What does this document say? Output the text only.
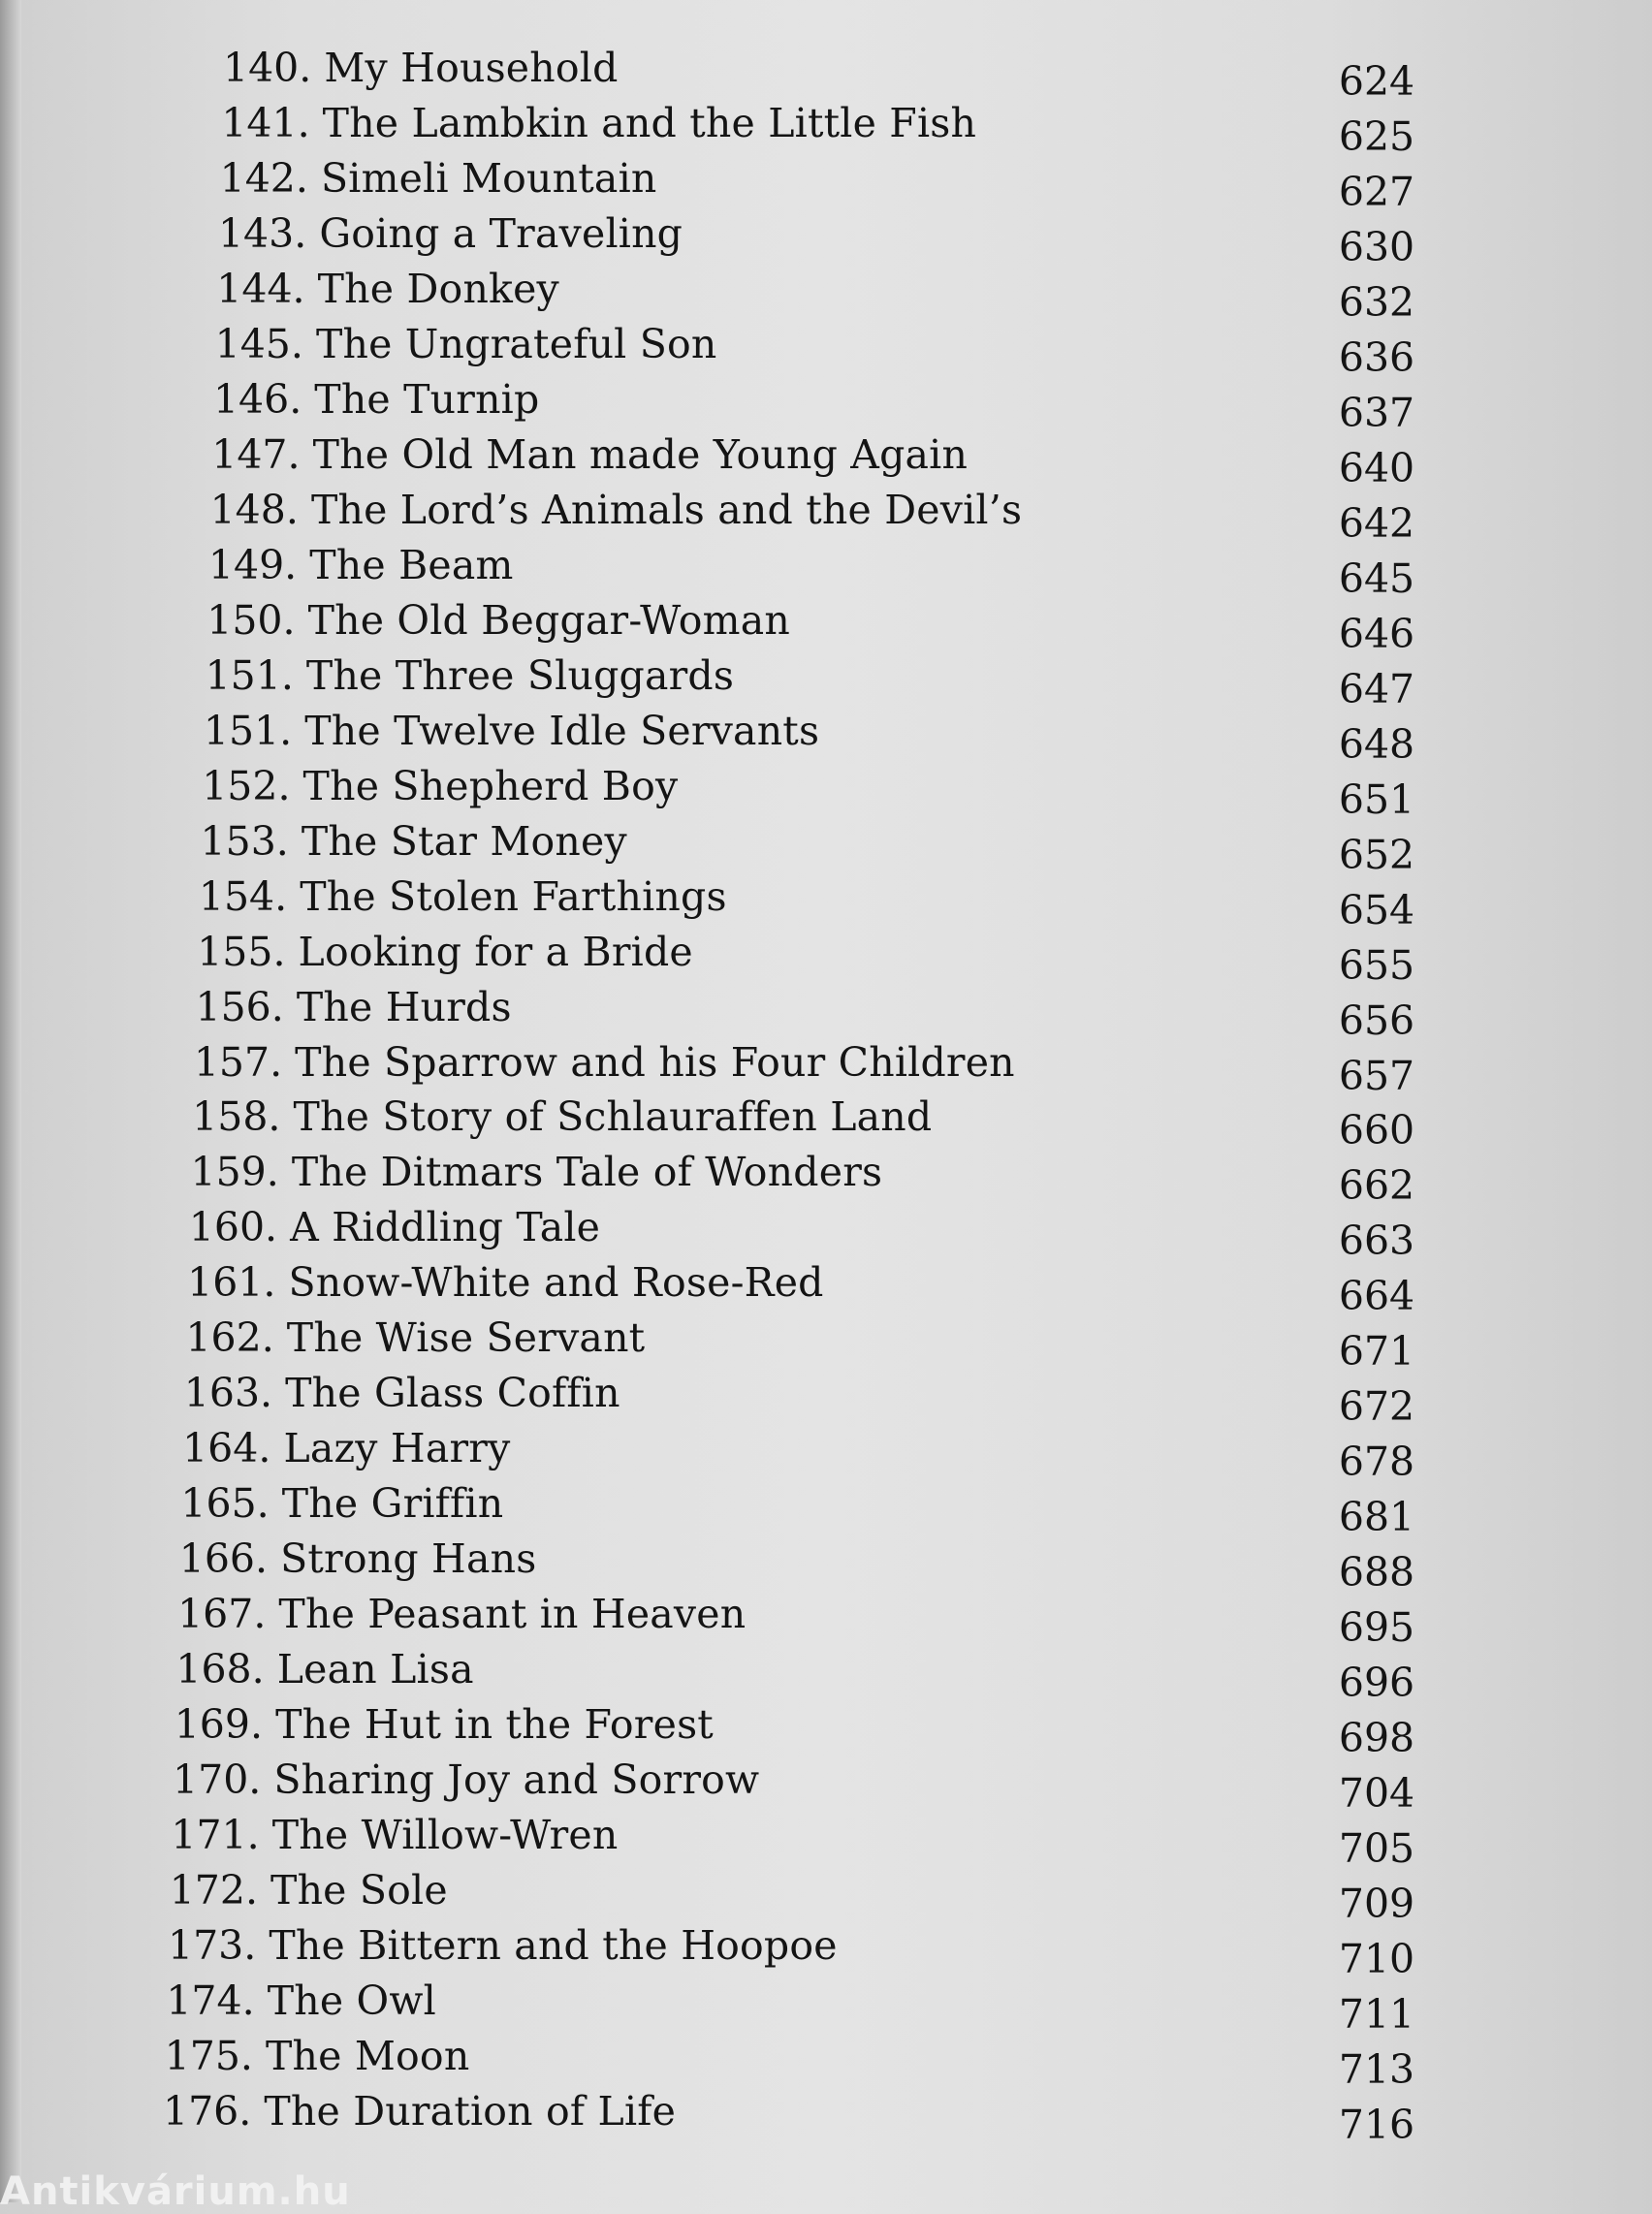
140. My Household	624
141. The Lambkin and the Little Fish	625
142. Simeli Mountain	627
143. Going a Traveling	630
144. The Donkey	632
145. The Ungrateful Son	636
146. The Turnip	637
147. The Old Man made Young Again	640
148. The Lord’s Animals and the Devil’s	642
149. The Beam	645
150. The Old Beggar-Woman	646
151. The Three Sluggards	647
151. The Twelve Idle Servants	648
152. The Shepherd Boy	651
153. The Star Money	652
154. The Stolen Farthings	654
155. Looking for a Bride	655
156. The Hurds	656
157. The Sparrow and his Four Children	657
158. The Story of Schlauraffen Land	660
159. The Ditmars Tale of Wonders	662
160. A Riddling Tale	663
161. Snow-White and Rose-Red	664
162. The Wise Servant	671
163. The Glass Coffin	672
164. Lazy Harry	678
165. The Griffin	681
166. Strong Hans	688
167. The Peasant in Heaven	695
168. Lean Lisa	696
169. The Hut in the Forest	698
170. Sharing Joy and Sorrow	704
171. The Willow-Wren	705
172. The Sole	709
173. The Bittern and the Hoopoe	710
174. The Owl	711
175. The Moon	713
176. The Duration of Life	716
Antikvárium.hu
